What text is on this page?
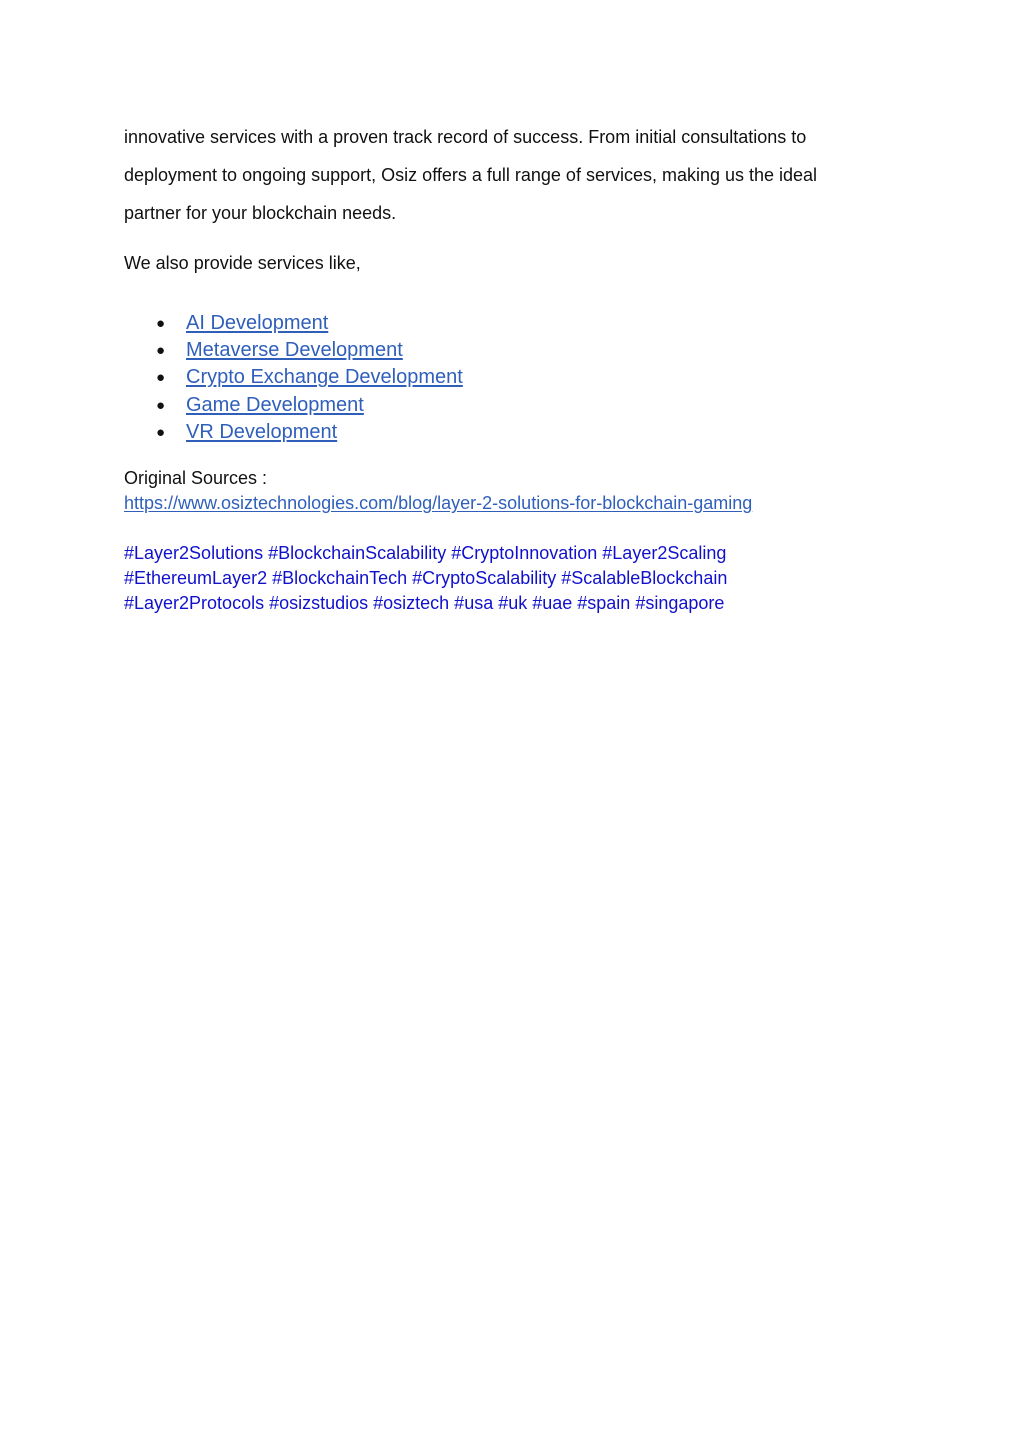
innovative services with a proven track record of success. From initial consultations to
deployment to ongoing support, Osiz offers a full range of services, making us the ideal
partner for your blockchain needs.

We also provide services like,

● AI Development
● Metaverse Development
● Crypto Exchange Development
● Game Development
● VR Development
Original Sources :
https://www.osiztechnologies.com/blog/layer-2-solutions-for-blockchain-gaming
#Layer2Solutions #BlockchainScalability #CryptoInnovation #Layer2Scaling
#EthereumLayer2 #BlockchainTech #CryptoScalability #ScalableBlockchain
#Layer2Protocols #osizstudios #osiztech #usa #uk #uae #spain #singapore
